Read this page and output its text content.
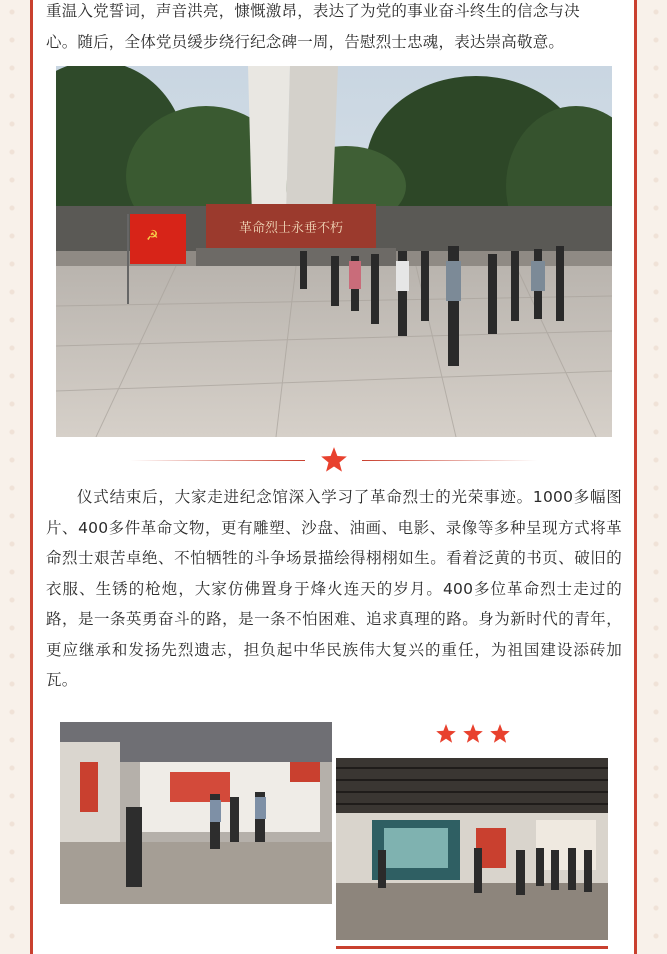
重温入党誓词，声音洪亮，慷慨激昂，表达了为党的事业奋斗终生的信念与决
心。随后，全体党员缓步绕行纪念碑一周，告慰烈士忠魂，表达崇高敬意。

革命烈士永垂不朽
☭

仪式结束后，大家走进纪念馆深入学习了革命烈士的光荣事迹。1000多幅图片、400多件革命文物，更有雕塑、沙盘、油画、电影、录像等多种呈现方式将革命烈士艰苦卓绝、不怕牺牲的斗争场景描绘得栩栩如生。看着泛黄的书页、破旧的衣服、生锈的枪炮，大家仿佛置身于烽火连天的岁月。400多位革命烈士走过的路，是一条英勇奋斗的路，是一条不怕困难、追求真理的路。身为新时代的青年，更应继承和发扬先烈遗志，担负起中华民族伟大复兴的重任，为祖国建设添砖加瓦。
